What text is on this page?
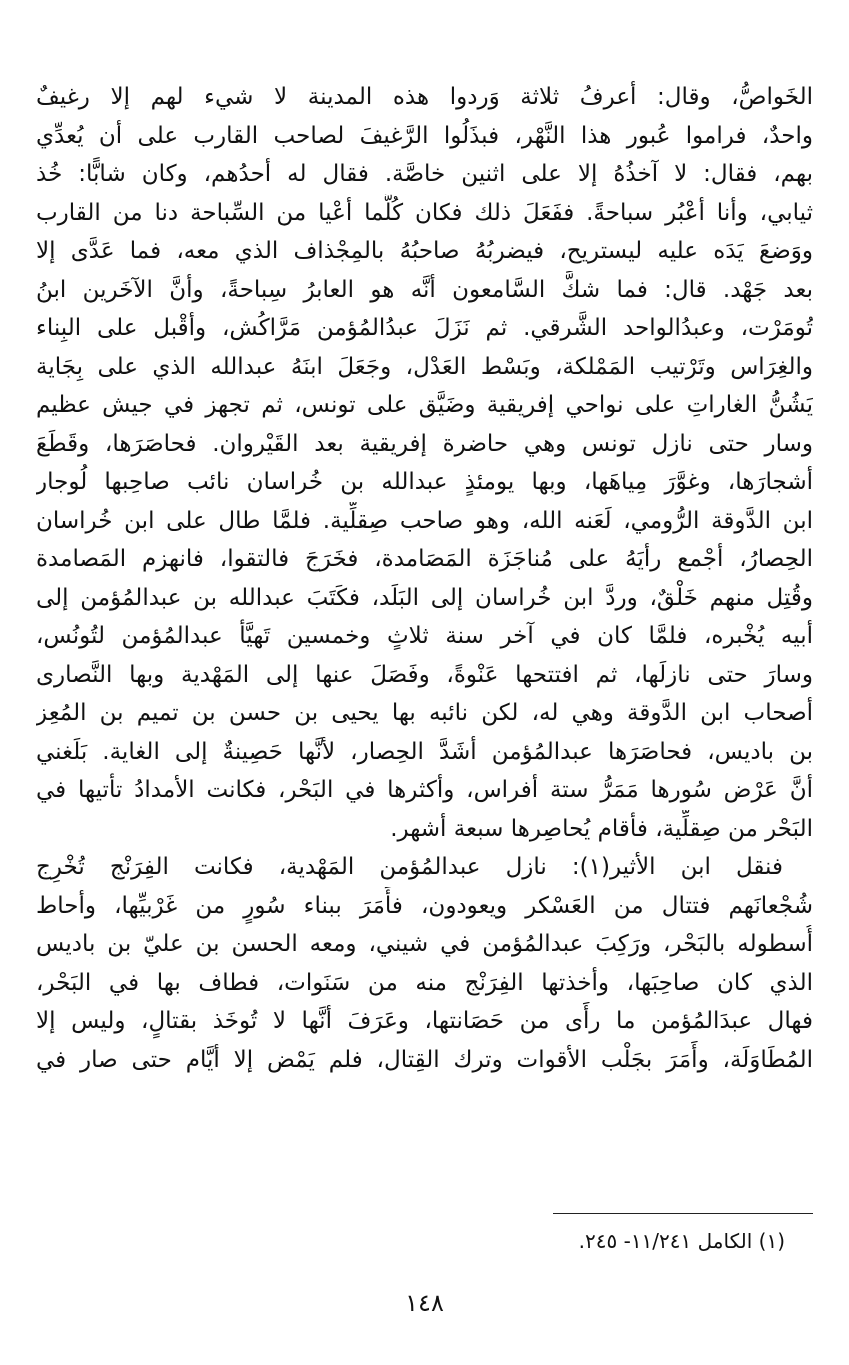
الخَواصُّ، وقال: أعرفُ ثلاثة وَردوا هذه المدينة لا شيء لهم إلا رغيفٌ
واحدٌ، فراموا عُبور هذا النَّهْر، فبذَلُوا الرَّغيفَ لصاحب القارب على أن يُعدِّي
بهم، فقال: لا آخذُهُ إلا على اثنين خاصَّة. فقال له أحدُهم، وكان شابًّا: خُذ
ثيابي، وأنا أعْبُر سباحةً. ففَعَلَ ذلك فكان كُلَّما أعْيا من السِّباحة دنا من القارب
ووَضعَ يَدَه عليه ليستريح، فيضربُهُ صاحبُهُ بالمِجْذاف الذي معه، فما عَدَّى إلا
بعد جَهْد. قال: فما شكَّ السَّامعون أنَّه هو العابرُ سِباحةً، وأنَّ الآخَرين ابنُ
تُومَرْت، وعبدُالواحد الشَّرقي. ثم نَزَلَ عبدُالمُؤمن مَرَّاكُش، وأقْبل على البِناء
والغِرَاس وتَرْتيب المَمْلكة، وبَسْط العَدْل، وجَعَلَ ابنَهُ عبدالله الذي على بِجَاية
يَشُنُّ الغاراتِ على نواحي إفريقية وضَيَّق على تونس، ثم تجهز في جيش عظيم
وسار حتى نازل تونس وهي حاضرة إفريقية بعد القَيْروان. فحاصَرَها، وقَطَعَ
أشجارَها، وغوَّرَ مِياهَها، وبها يومئذٍ عبدالله بن خُراسان نائب صاحِبها لُوجار
ابن الدَّوقة الرُّومي، لَعَنه الله، وهو صاحب صِقلِّية. فلمَّا طال على ابن خُراسان
الحِصارُ، أجْمع رأيَهُ على مُناجَزَة المَصَامدة، فخَرَجَ فالتقوا، فانهزم المَصامدة
وقُتِل منهم خَلْقٌ، وردَّ ابن خُراسان إلى البَلَد، فكَتَبَ عبدالله بن عبدالمُؤمن إلى
أبيه يُخْبره، فلمَّا كان في آخر سنة ثلاثٍ وخمسين تَهيَّأ عبدالمُؤمن لتُونُس،
وسارَ حتى نازلَها، ثم افتتحها عَنْوةً، وفَصَلَ عنها إلى المَهْدية وبها النَّصارى
أصحاب ابن الدَّوقة وهي له، لكن نائبه بها يحيى بن حسن بن تميم بن المُعِز
بن باديس، فحاصَرَها عبدالمُؤمن أشَدَّ الحِصار، لأنَّها حَصِينةٌ إلى الغاية. بَلَغني
أنَّ عَرْض سُورها مَمَرُّ ستة أفراس، وأكثرها في البَحْر، فكانت الأمدادُ تأتيها في
البَحْر من صِقلِّية، فأقام يُحاصِرها سبعة أشهر.
فنقل ابن الأثير(١): نازل عبدالمُؤمن المَهْدية، فكانت الفِرَنْج تُخْرِج
شُجْعانَهم فتتال من العَسْكر ويعودون، فأَمَرَ ببناء سُورٍ من غَرْبيِّها، وأحاط
أُسطوله بالبَحْر، ورَكِبَ عبدالمُؤمن في شيني، ومعه الحسن بن عليّ بن باديس
الذي كان صاحِبَها، وأخذتها الفِرَنْج منه من سَنَوات، فطاف بها في البَحْر،
فهال عبدَالمُؤمن ما رأَى من حَصَانتها، وعَرَفَ أنَّها لا تُوخَذ بقتالٍ، وليس إلا
المُطَاوَلَة، وأَمَرَ بجَلْب الأقوات وترك القِتال، فلم يَمْض إلا أيَّام حتى صار في
(١) الكامل ١١/٢٤١- ٢٤٥.
١٤٨
